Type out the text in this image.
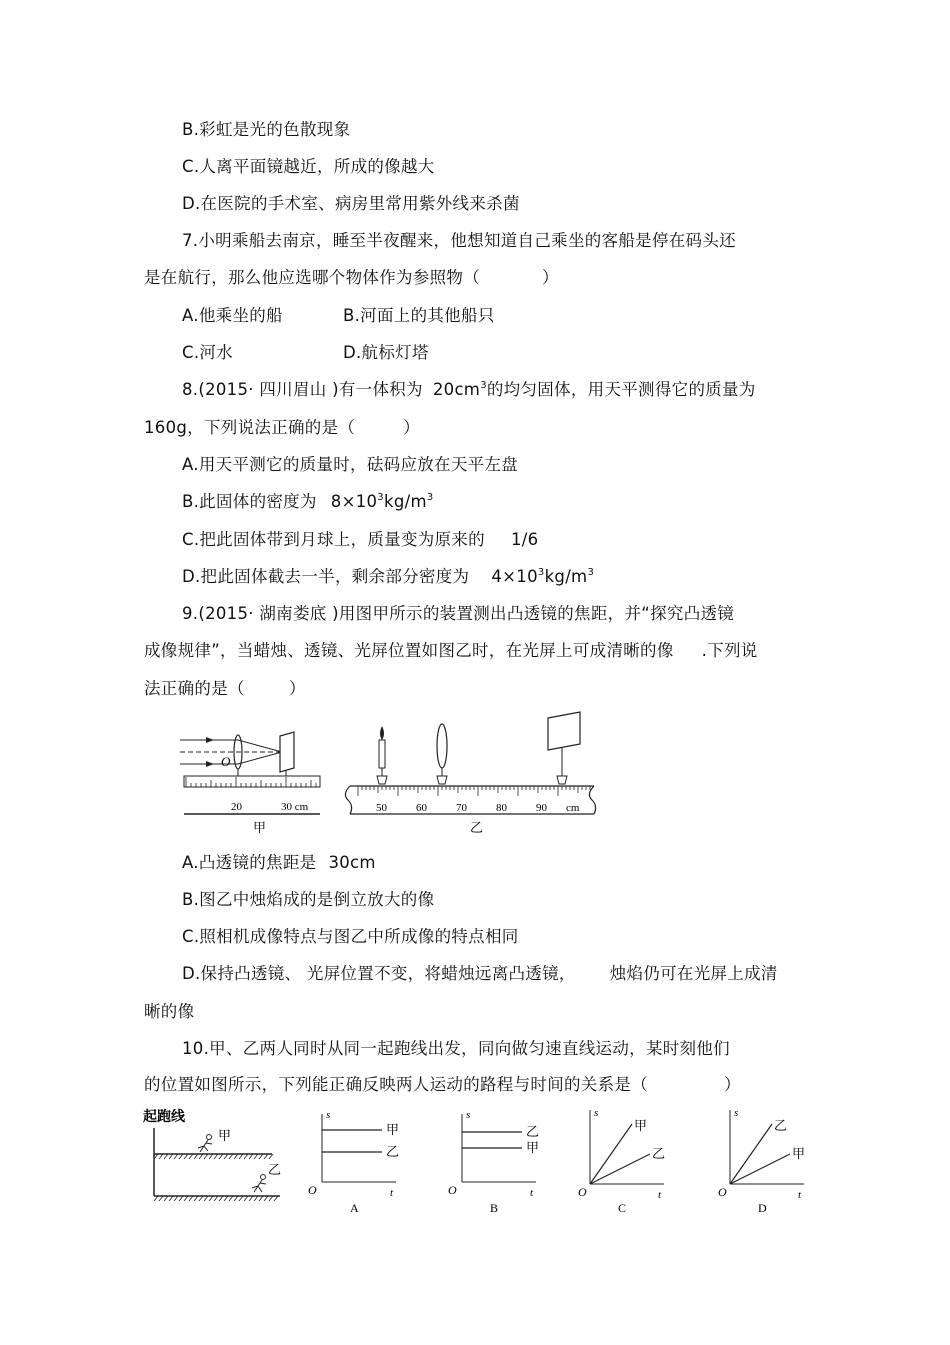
B.彩虹是光的色散现象
C.人离平面镜越近，所成的像越大
D.在医院的手术室、病房里常用紫外线来杀菌
7.小明乘船去南京，睡至半夜醒来，他想知道自己乘坐的客船是停在码头还
是在航行，那么他应选哪个物体作为参照物（	）
A.他乘坐的船	B.河面上的其他船只
C.河水	D.航标灯塔
8.(2015· 四川眉山 )有一体积为 $20cm^3$的均匀固体，用天平测得它的质量为
160g，下列说法正确的是（	）
A.用天平测它的质量时，砝码应放在天平左盘
B.此固体的密度为 $8\times 10^3kg/m^3$
C.把此固体带到月球上，质量变为原来的 1/6
D.把此固体截去一半，剩余部分密度为 $4\times 10^3kg/m^3$
9.(2015· 湖南娄底 )用图甲所示的装置测出凸透镜的焦距，并“探究凸透镜
成像规律”，当蜡烛、透镜、光屏位置如图乙时，在光屏上可成清晰的像 .下列说
法正确的是（	）
O
20	30 cm
甲
50	60	70	80	90 cm
乙
A.凸透镜的焦距是 30cm
B.图乙中烛焰成的是倒立放大的像
C.照相机成像特点与图乙中所成像的特点相同
D.保持凸透镜、 光屏位置不变，将蜡烛远离凸透镜， 烛焰仍可在光屏上成清
晰的像
10.甲、乙两人同时从同一起跑线出发，同向做匀速直线运动，某时刻他们
的位置如图所示，下列能正确反映两人运动的路程与时间的关系是（	）
起跑线
甲
乙
s
t
O
甲
乙
A
s
t
O
乙
甲
B
s
t
O
甲
乙
C
s
t
O
乙
甲
D
